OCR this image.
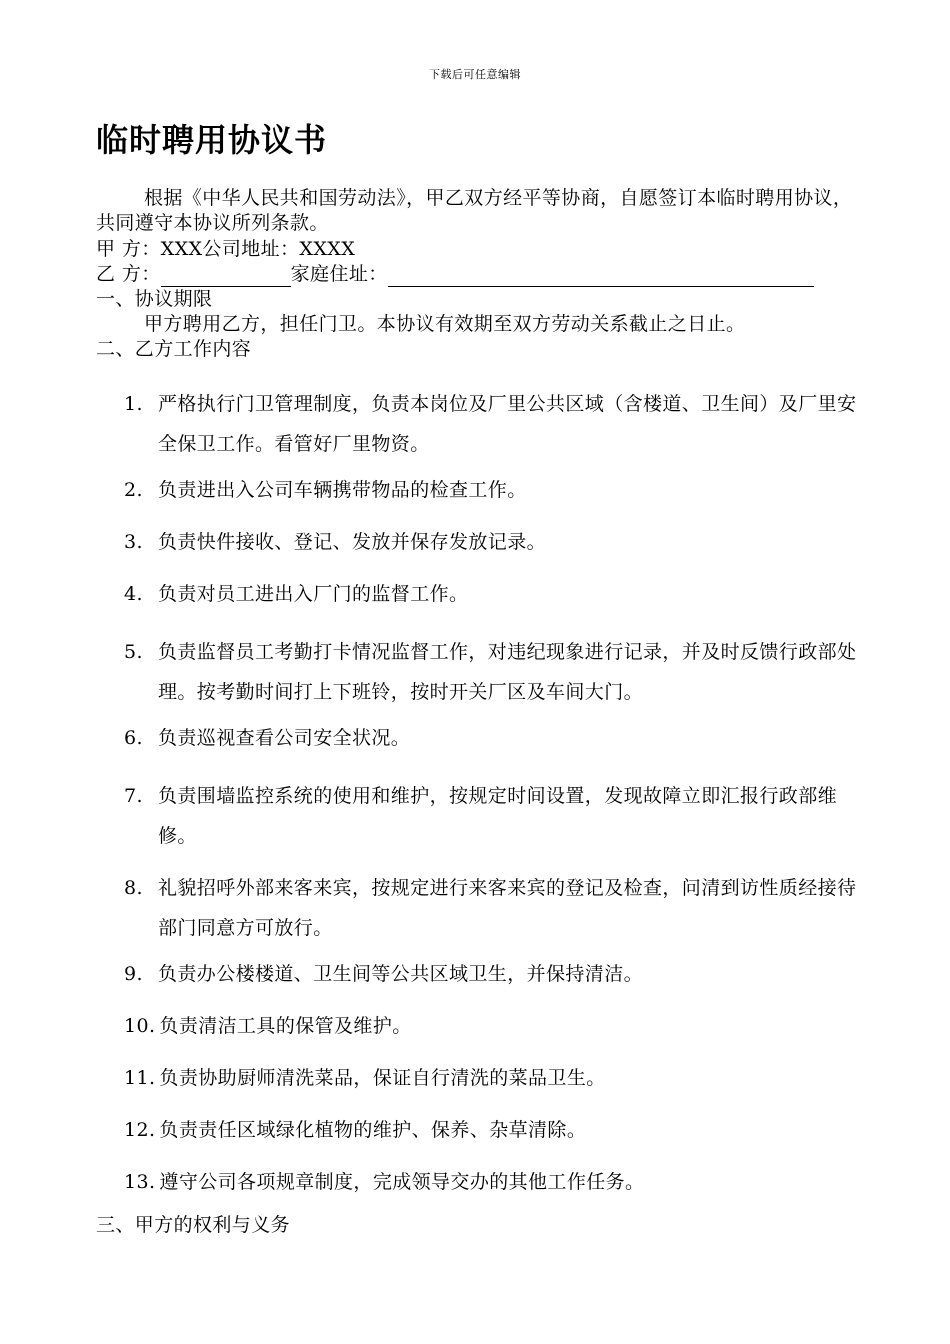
下载后可任意编辑
临时聘用协议书
根据《中华人民共和国劳动法》，甲乙双方经平等协商，自愿签订本临时聘用协议，共同遵守本协议所列条款。
甲 方：XXX公司地址：XXXX
乙 方：	家庭住址：
一、协议期限
甲方聘用乙方，担任门卫。本协议有效期至双方劳动关系截止之日止。
二、乙方工作内容
1. 严格执行门卫管理制度，负责本岗位及厂里公共区域（含楼道、卫生间）及厂里安全保卫工作。看管好厂里物资。
2. 负责进出入公司车辆携带物品的检查工作。
3. 负责快件接收、登记、发放并保存发放记录。
4. 负责对员工进出入厂门的监督工作。
5. 负责监督员工考勤打卡情况监督工作，对违纪现象进行记录，并及时反馈行政部处理。按考勤时间打上下班铃，按时开关厂区及车间大门。
6. 负责巡视查看公司安全状况。
7. 负责围墙监控系统的使用和维护，按规定时间设置，发现故障立即汇报行政部维修。
8. 礼貌招呼外部来客来宾，按规定进行来客来宾的登记及检查，问清到访性质经接待部门同意方可放行。
9. 负责办公楼楼道、卫生间等公共区域卫生，并保持清洁。
10. 负责清洁工具的保管及维护。
11. 负责协助厨师清洗菜品，保证自行清洗的菜品卫生。
12. 负责责任区域绿化植物的维护、保养、杂草清除。
13. 遵守公司各项规章制度，完成领导交办的其他工作任务。
三、甲方的权利与义务
